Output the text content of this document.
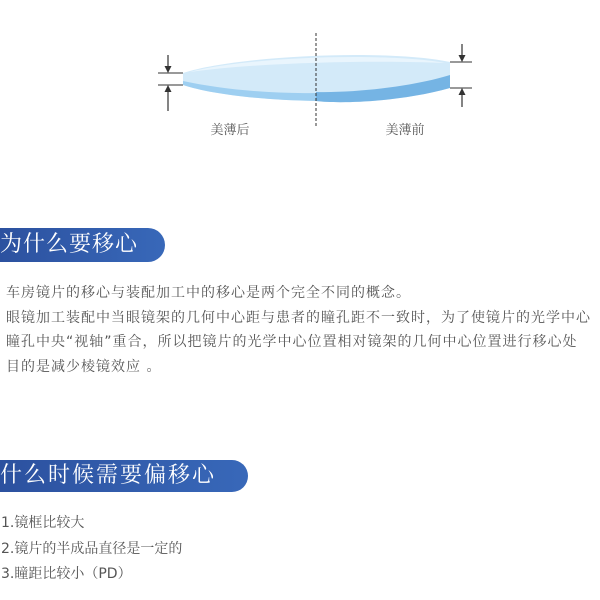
美薄后	美薄前
为什么要移心
车房镜片的移心与装配加工中的移心是两个完全不同的概念。
眼镜加工装配中当眼镜架的几何中心距与患者的瞳孔距不一致时，为了使镜片的光学中心
瞳孔中央“视轴”重合，所以把镜片的光学中心位置相对镜架的几何中心位置进行移心处
目的是减少棱镜效应 。
什么时候需要偏移心
1.镜框比较大
2.镜片的半成品直径是一定的
3.瞳距比较小（PD）
